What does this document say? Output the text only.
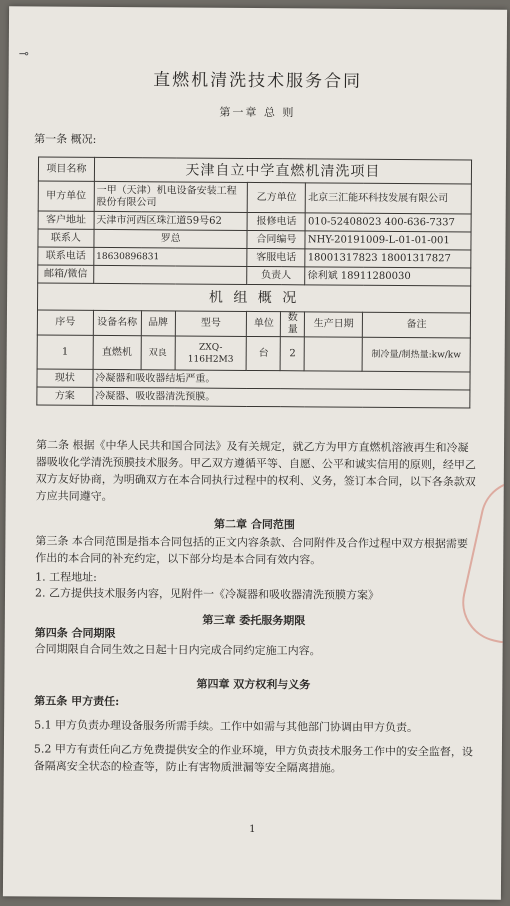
⊸
直燃机清洗技术服务合同
第一章 总 则
第一条 概况:
项目名称	天津自立中学直燃机清洗项目						
甲方单位	一甲（天津）机电设备安装工程股份有限公司			乙方单位		北京三汇能环科技发展有限公司	
客户地址	天津市河西区珠江道59号62			报修电话		010-52408023 400-636-7337	
联系人	罗总			合同编号		NHY-20191009-L-01-01-001	
联系电话	18630896831			客服电话		18001317823 18001317827	
邮箱/微信				负责人		徐利斌 18911280030	
机 组 概 况							
序号	设备名称	品牌	型号	单位	数量	生产日期	备注
1	直燃机	双良	ZXQ-116H2M3	台	2		制冷量/制热量:kw/kw
现状	冷凝器和吸收器结垢严重。						
方案	冷凝器、吸收器清洗预膜。						
第二条 根据《中华人民共和国合同法》及有关规定，就乙方为甲方直燃机溶液再生和冷凝器吸收化学清洗预膜技术服务。甲乙双方遵循平等、自愿、公平和诚实信用的原则，经甲乙双方友好协商，为明确双方在本合同执行过程中的权利、义务，签订本合同，以下各条款双方应共同遵守。
第二章 合同范围
第三条 本合同范围是指本合同包括的正文内容条款、合同附件及合作过程中双方根据需要作出的本合同的补充约定，以下部分均是本合同有效内容。
1. 工程地址:
2. 乙方提供技术服务内容，见附件一《冷凝器和吸收器清洗预膜方案》
第三章 委托服务期限
第四条 合同期限
合同期限自合同生效之日起十日内完成合同约定施工内容。
第四章 双方权利与义务
第五条 甲方责任:
5.1 甲方负责办理设备服务所需手续。工作中如需与其他部门协调由甲方负责。
5.2 甲方有责任向乙方免费提供安全的作业环境，甲方负责技术服务工作中的安全监督，设备隔离安全状态的检查等，防止有害物质泄漏等安全隔离措施。
1
